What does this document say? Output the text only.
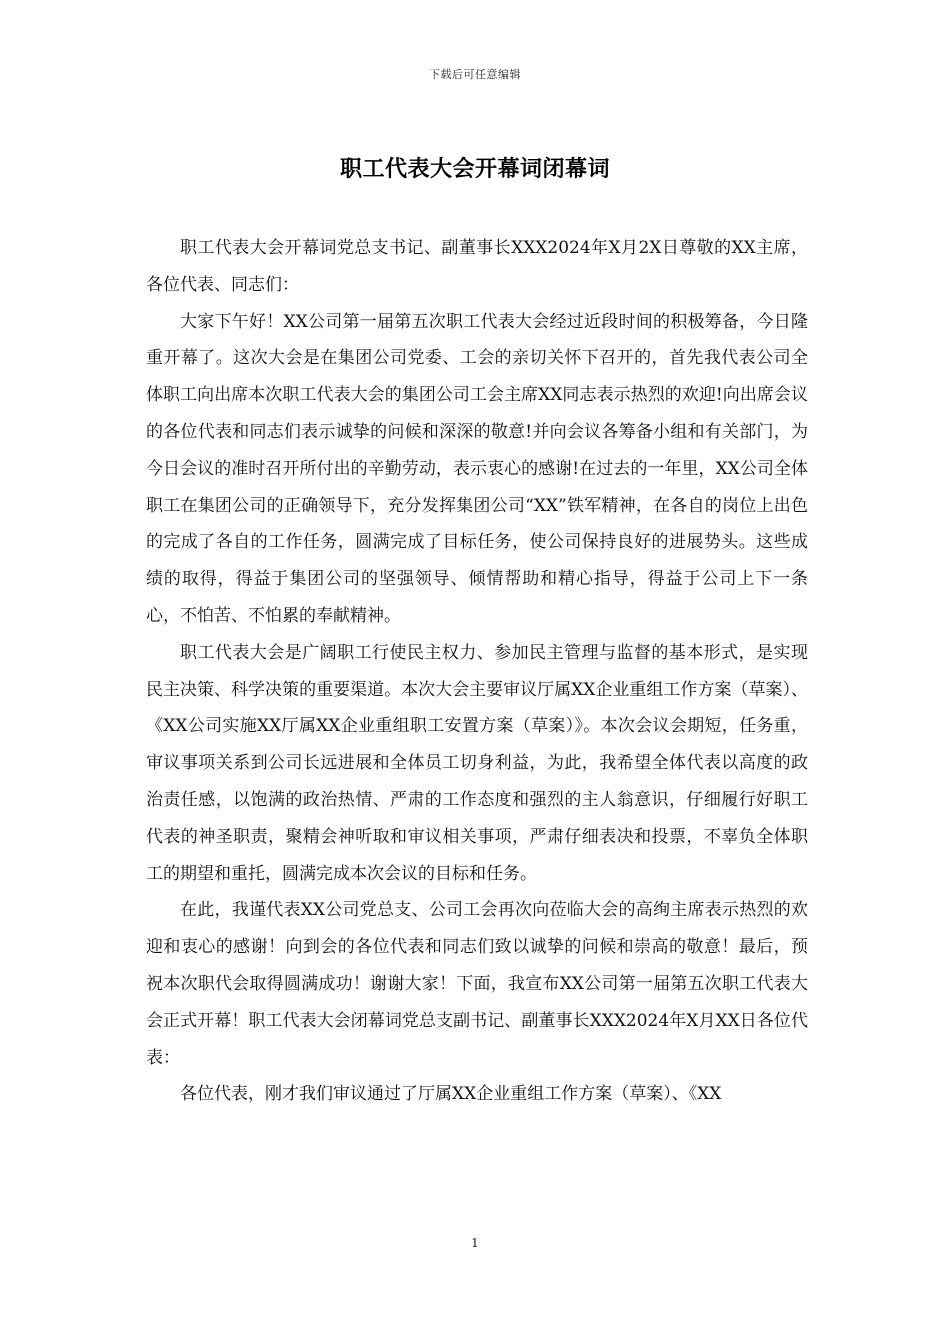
下载后可任意编辑
职工代表大会开幕词闭幕词

职工代表大会开幕词党总支书记、副董事长XXX2024年X月2X日尊敬的XX主席，各位代表、同志们：

大家下午好！XX公司第一届第五次职工代表大会经过近段时间的积极筹备，今日隆重开幕了。这次大会是在集团公司党委、工会的亲切关怀下召开的，首先我代表公司全体职工向出席本次职工代表大会的集团公司工会主席XX同志表示热烈的欢迎!向出席会议的各位代表和同志们表示诚挚的问候和深深的敬意!并向会议各筹备小组和有关部门，为今日会议的准时召开所付出的辛勤劳动，表示衷心的感谢!在过去的一年里，XX公司全体职工在集团公司的正确领导下，充分发挥集团公司“XX”铁军精神，在各自的岗位上出色的完成了各自的工作任务，圆满完成了目标任务，使公司保持良好的进展势头。这些成绩的取得，得益于集团公司的坚强领导、倾情帮助和精心指导，得益于公司上下一条心，不怕苦、不怕累的奉献精神。

职工代表大会是广阔职工行使民主权力、参加民主管理与监督的基本形式，是实现民主决策、科学决策的重要渠道。本次大会主要审议厅属XX企业重组工作方案（草案）、《XX公司实施XX厅属XX企业重组职工安置方案（草案）》。本次会议会期短，任务重，审议事项关系到公司长远进展和全体员工切身利益，为此，我希望全体代表以高度的政治责任感，以饱满的政治热情、严肃的工作态度和强烈的主人翁意识，仔细履行好职工代表的神圣职责，聚精会神听取和审议相关事项，严肃仔细表决和投票，不辜负全体职工的期望和重托，圆满完成本次会议的目标和任务。

在此，我谨代表XX公司党总支、公司工会再次向莅临大会的高绚主席表示热烈的欢迎和衷心的感谢！向到会的各位代表和同志们致以诚挚的问候和崇高的敬意！最后，预祝本次职代会取得圆满成功！谢谢大家！下面，我宣布XX公司第一届第五次职工代表大会正式开幕！职工代表大会闭幕词党总支副书记、副董事长XXX2024年X月XX日各位代表：

各位代表，刚才我们审议通过了厅属XX企业重组工作方案（草案）、《XX

1
